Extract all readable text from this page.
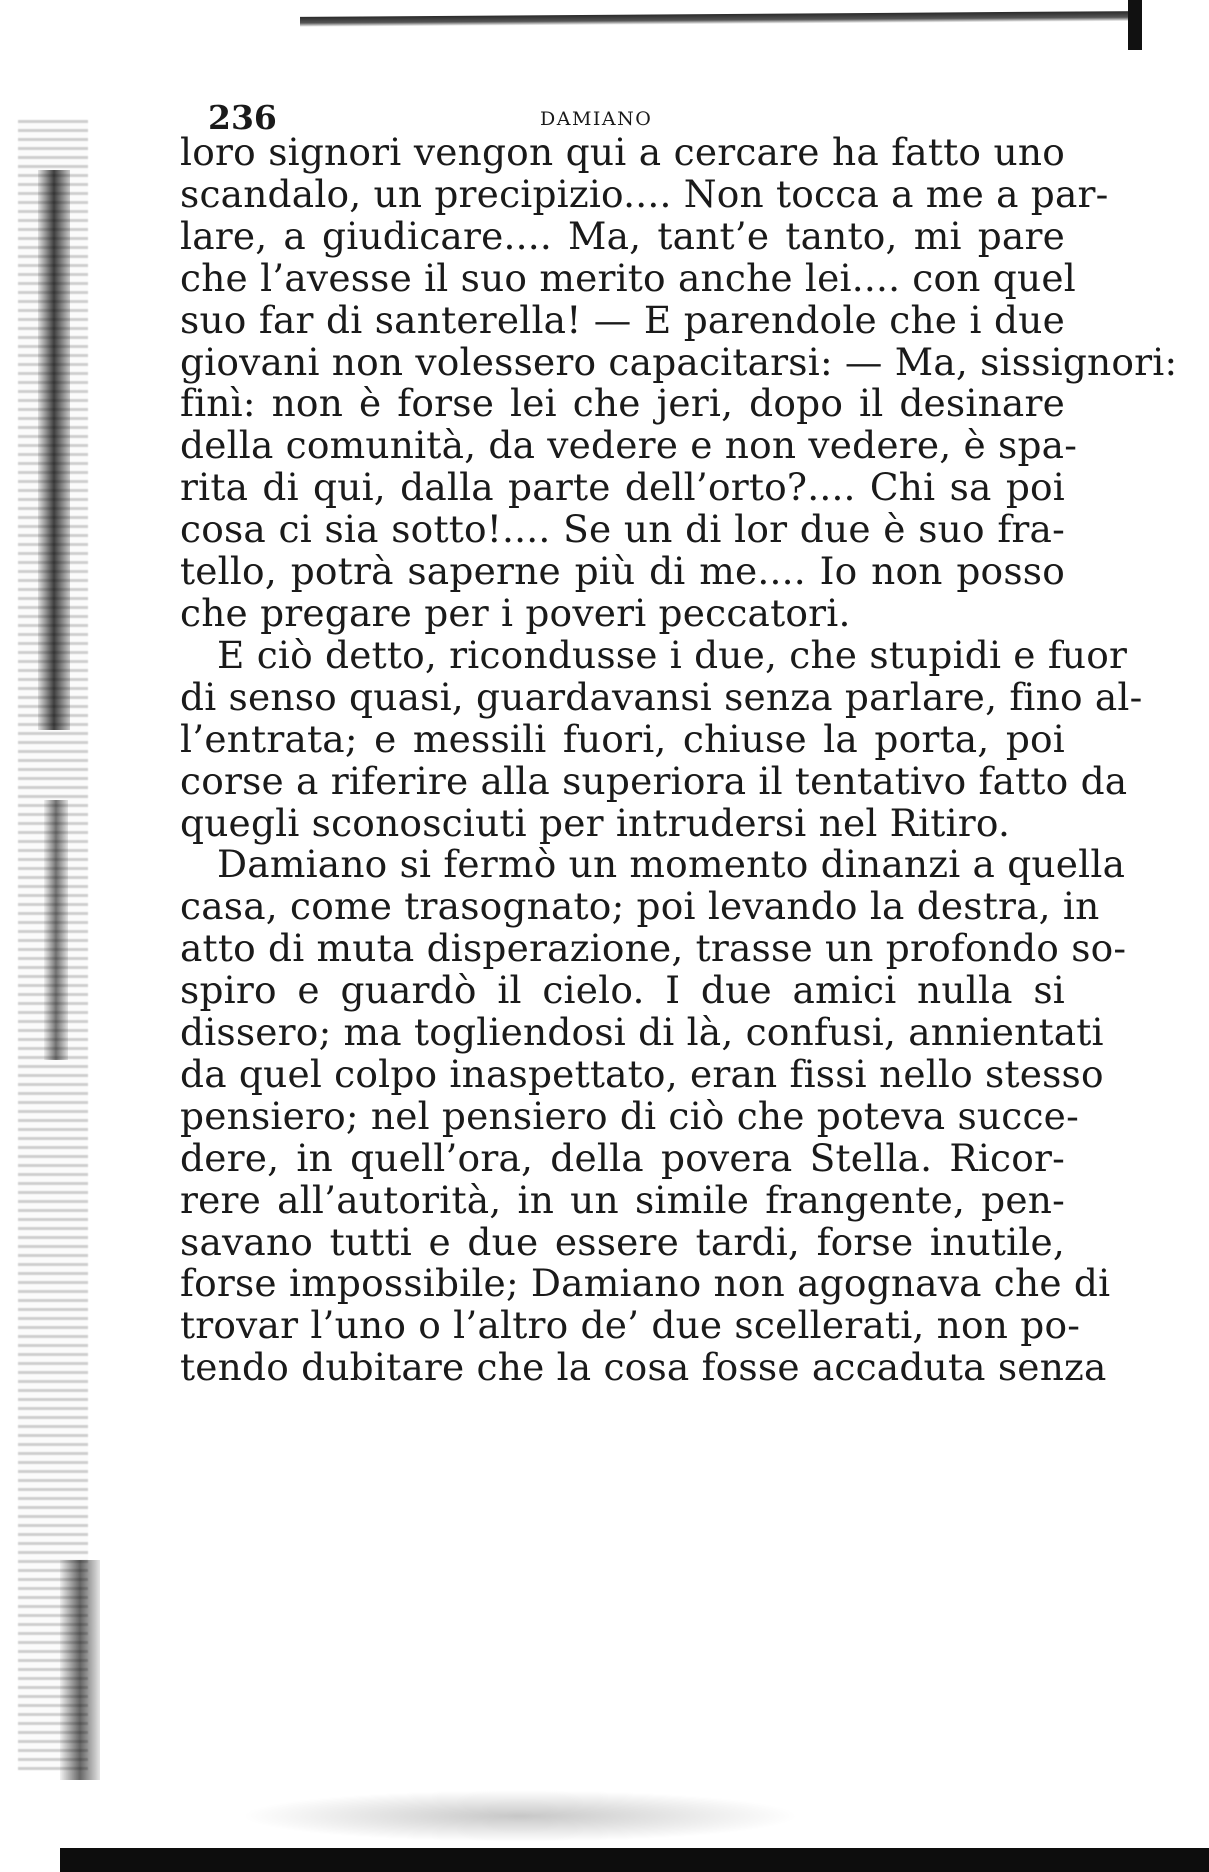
236	DAMIANO
loro signori vengon qui a cercare ha fatto uno
scandalo, un precipizio.... Non tocca a me a par-
lare, a giudicare.... Ma, tant’e tanto, mi pare
che l’avesse il suo merito anche lei.... con quel
suo far di santerella! — E parendole che i due
giovani non volessero capacitarsi: — Ma, sissignori:
finì: non è forse lei che jeri, dopo il desinare
della comunità, da vedere e non vedere, è spa-
rita di qui, dalla parte dell’orto?.... Chi sa poi
cosa ci sia sotto!.... Se un di lor due è suo fra-
tello, potrà saperne più di me.... Io non posso
che pregare per i poveri peccatori.
E ciò detto, ricondusse i due, che stupidi e fuor
di senso quasi, guardavansi senza parlare, fino al-
l’entrata; e messili fuori, chiuse la porta, poi
corse a riferire alla superiora il tentativo fatto da
quegli sconosciuti per intrudersi nel Ritiro.
Damiano si fermò un momento dinanzi a quella
casa, come trasognato; poi levando la destra, in
atto di muta disperazione, trasse un profondo so-
spiro e guardò il cielo. I due amici nulla si
dissero; ma togliendosi di là, confusi, annientati
da quel colpo inaspettato, eran fissi nello stesso
pensiero; nel pensiero di ciò che poteva succe-
dere, in quell’ora, della povera Stella. Ricor-
rere all’autorità, in un simile frangente, pen-
savano tutti e due essere tardi, forse inutile,
forse impossibile; Damiano non agognava che di
trovar l’uno o l’altro de’ due scellerati, non po-
tendo dubitare che la cosa fosse accaduta senza
